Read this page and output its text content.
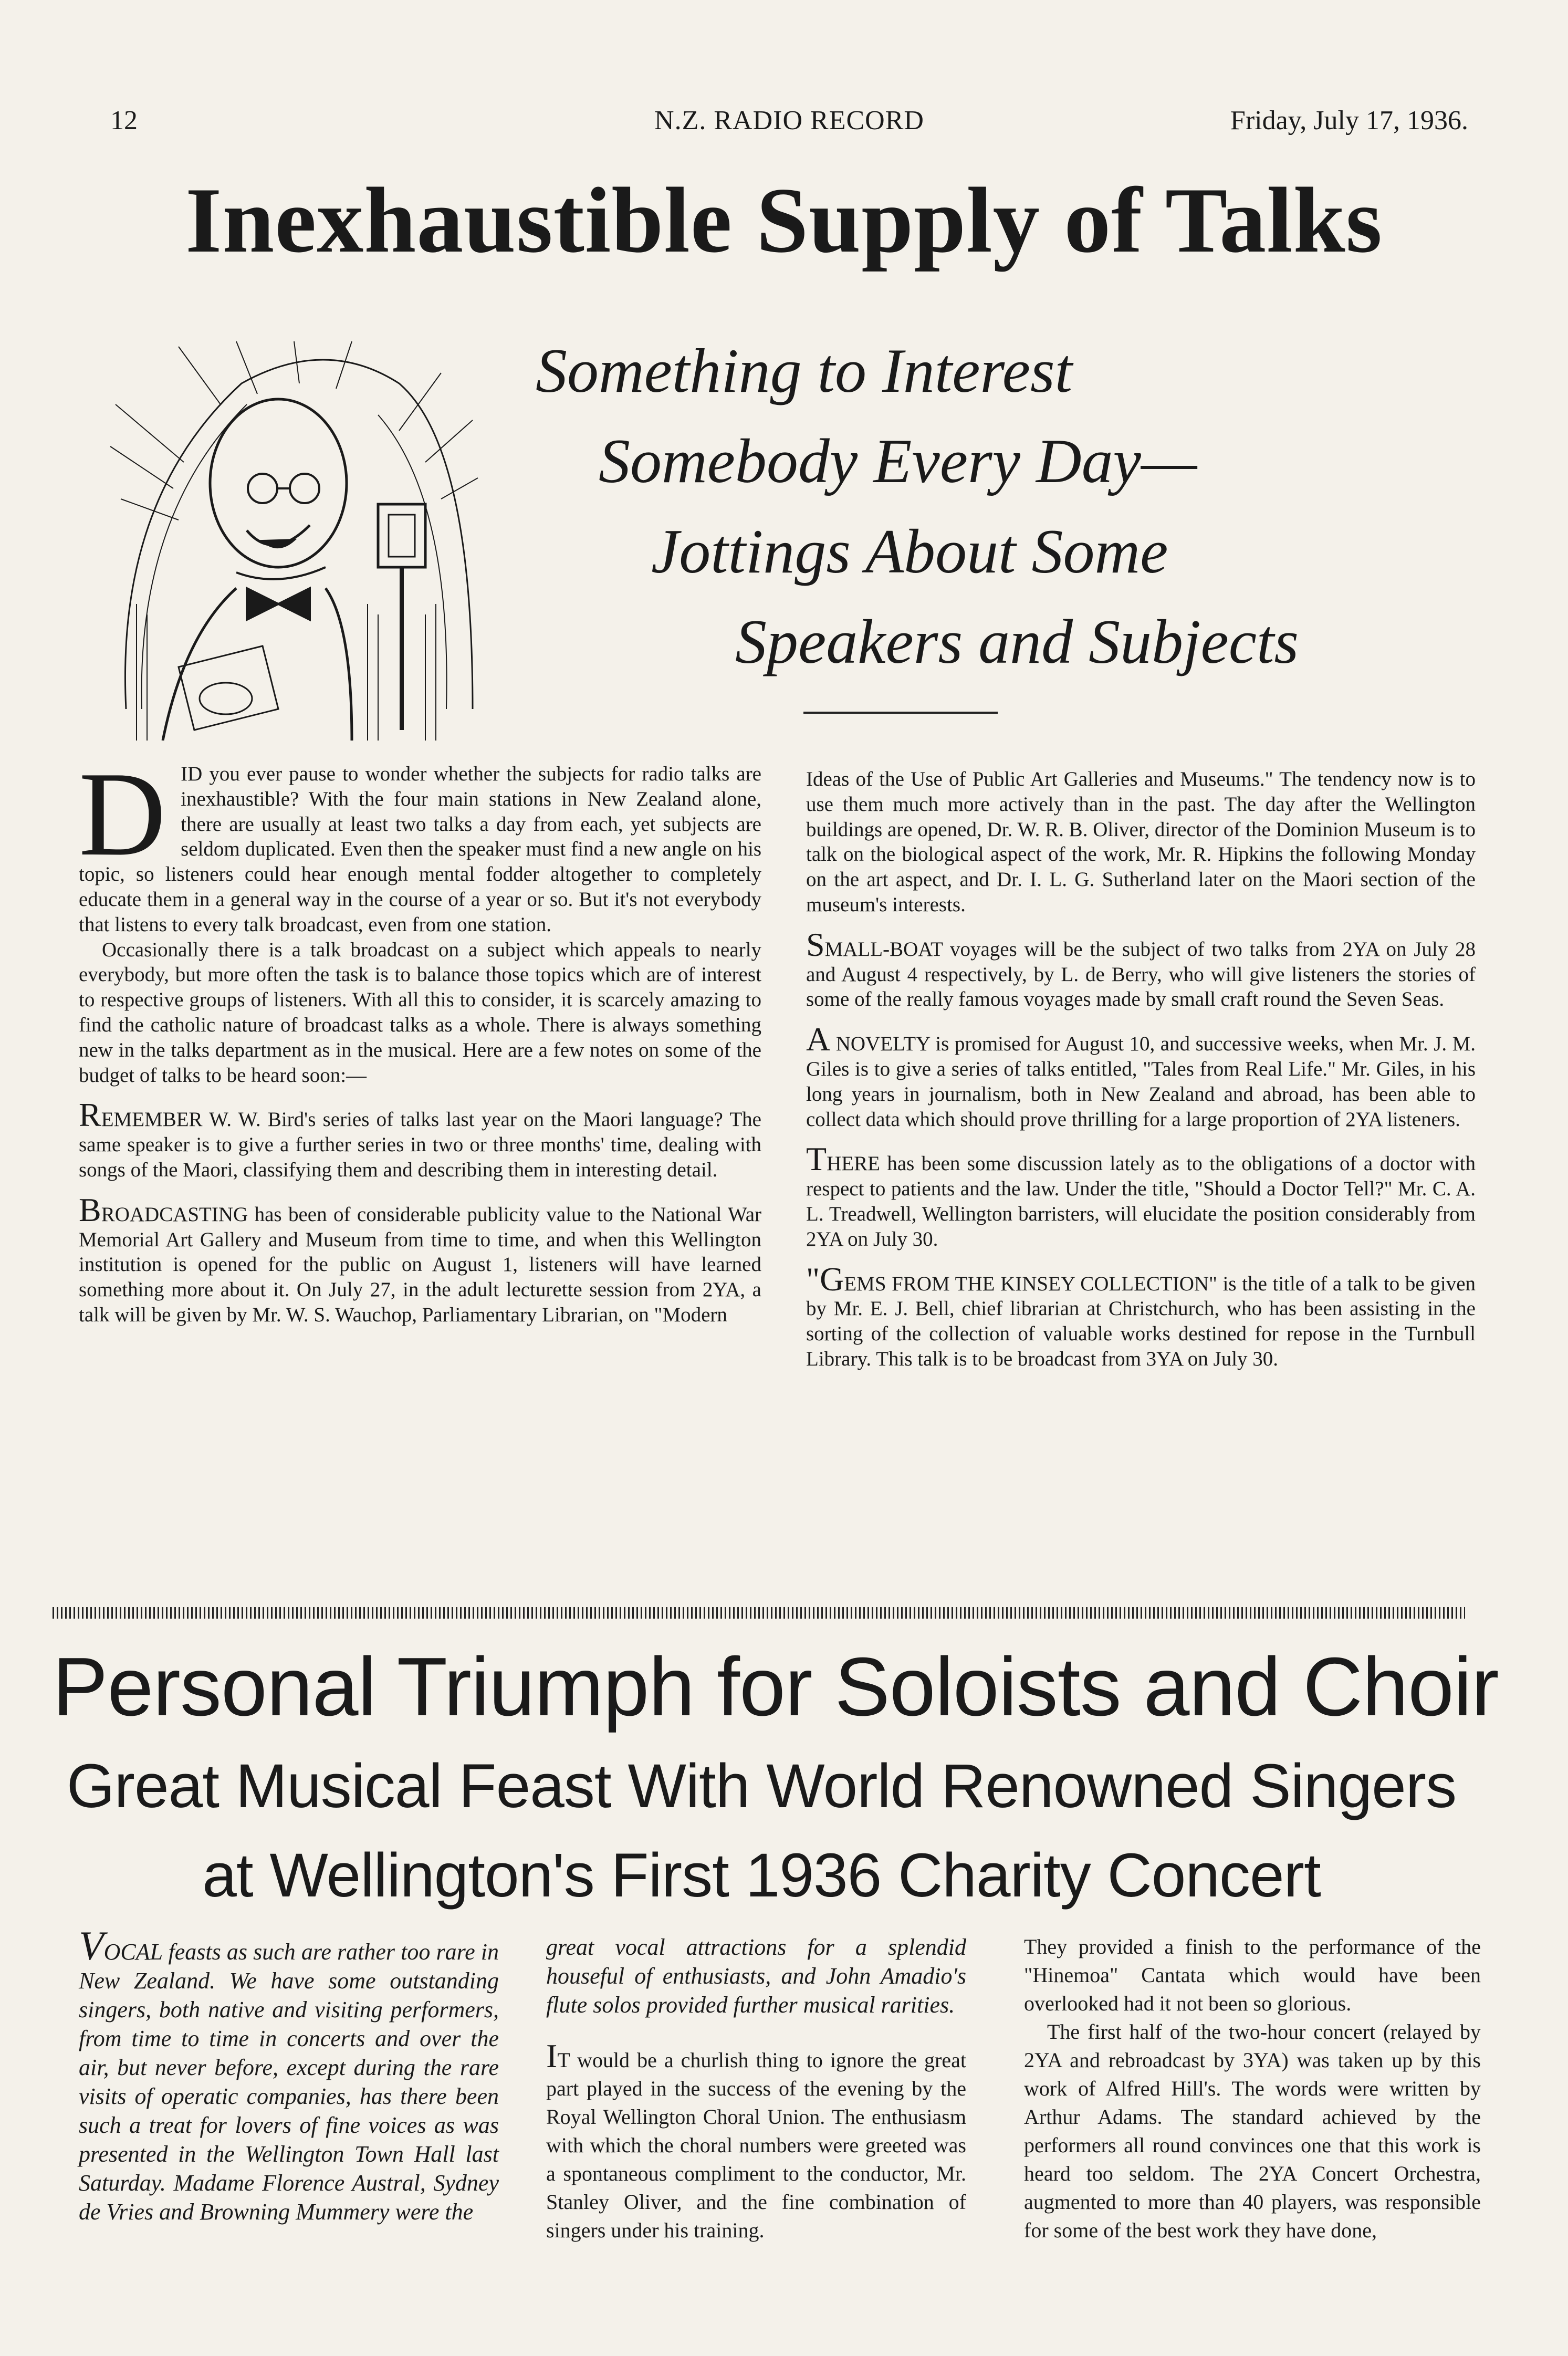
12	N.Z. RADIO RECORD	Friday, July 17, 1936.
Inexhaustible Supply of Talks
Something to Interest
Somebody Every Day—
Jottings About Some
Speakers and Subjects

D ID you ever pause to wonder whether the subjects for radio talks are inexhaustible? With the four main stations in New Zealand alone, there are usually at least two talks a day from each, yet subjects are seldom duplicated. Even then the speaker must find a new angle on his topic, so listeners could hear enough mental fodder altogether to completely educate them in a general way in the course of a year or so. But it's not everybody that listens to every talk broadcast, even from one station.

Occasionally there is a talk broadcast on a subject which appeals to nearly everybody, but more often the task is to balance those topics which are of interest to respective groups of listeners. With all this to consider, it is scarcely amazing to find the catholic nature of broadcast talks as a whole. There is always something new in the talks department as in the musical. Here are a few notes on some of the budget of talks to be heard soon:—

REMEMBER W. W. Bird's series of talks last year on the Maori language? The same speaker is to give a further series in two or three months' time, dealing with songs of the Maori, classifying them and describing them in interesting detail.

BROADCASTING has been of considerable publicity value to the National War Memorial Art Gallery and Museum from time to time, and when this Wellington institution is opened for the public on August 1, listeners will have learned something more about it. On July 27, in the adult lecturette session from 2YA, a talk will be given by Mr. W. S. Wauchop, Parliamentary Librarian, on "Modern

Ideas of the Use of Public Art Galleries and Museums." The tendency now is to use them much more actively than in the past. The day after the Wellington buildings are opened, Dr. W. R. B. Oliver, director of the Dominion Museum is to talk on the biological aspect of the work, Mr. R. Hipkins the following Monday on the art aspect, and Dr. I. L. G. Sutherland later on the Maori section of the museum's interests.

SMALL-BOAT voyages will be the subject of two talks from 2YA on July 28 and August 4 respectively, by L. de Berry, who will give listeners the stories of some of the really famous voyages made by small craft round the Seven Seas.

A NOVELTY is promised for August 10, and successive weeks, when Mr. J. M. Giles is to give a series of talks entitled, "Tales from Real Life." Mr. Giles, in his long years in journalism, both in New Zealand and abroad, has been able to collect data which should prove thrilling for a large proportion of 2YA listeners.

THERE has been some discussion lately as to the obligations of a doctor with respect to patients and the law. Under the title, "Should a Doctor Tell?" Mr. C. A. L. Treadwell, Wellington barristers, will elucidate the position considerably from 2YA on July 30.

"GEMS FROM THE KINSEY COLLECTION" is the title of a talk to be given by Mr. E. J. Bell, chief librarian at Christchurch, who has been assisting in the sorting of the collection of valuable works destined for repose in the Turnbull Library. This talk is to be broadcast from 3YA on July 30.

Personal Triumph for Soloists and Choir
Great Musical Feast With World Renowned Singers
at Wellington's First 1936 Charity Concert

VOCAL feasts as such are rather too rare in New Zealand. We have some outstanding singers, both native and visiting performers, from time to time in concerts and over the air, but never before, except during the rare visits of operatic companies, has there been such a treat for lovers of fine voices as was presented in the Wellington Town Hall last Saturday. Madame Florence Austral, Sydney de Vries and Browning Mummery were the

great vocal attractions for a splendid houseful of enthusiasts, and John Amadio's flute solos provided further musical rarities.

IT would be a churlish thing to ignore the great part played in the success of the evening by the Royal Wellington Choral Union. The enthusiasm with which the choral numbers were greeted was a spontaneous compliment to the conductor, Mr. Stanley Oliver, and the fine combination of singers under his training.

They provided a finish to the performance of the "Hinemoa" Cantata which would have been overlooked had it not been so glorious.

The first half of the two-hour concert (relayed by 2YA and rebroadcast by 3YA) was taken up by this work of Alfred Hill's. The words were written by Arthur Adams. The standard achieved by the performers all round convinces one that this work is heard too seldom. The 2YA Concert Orchestra, augmented to more than 40 players, was responsible for some of the best work they have done,
